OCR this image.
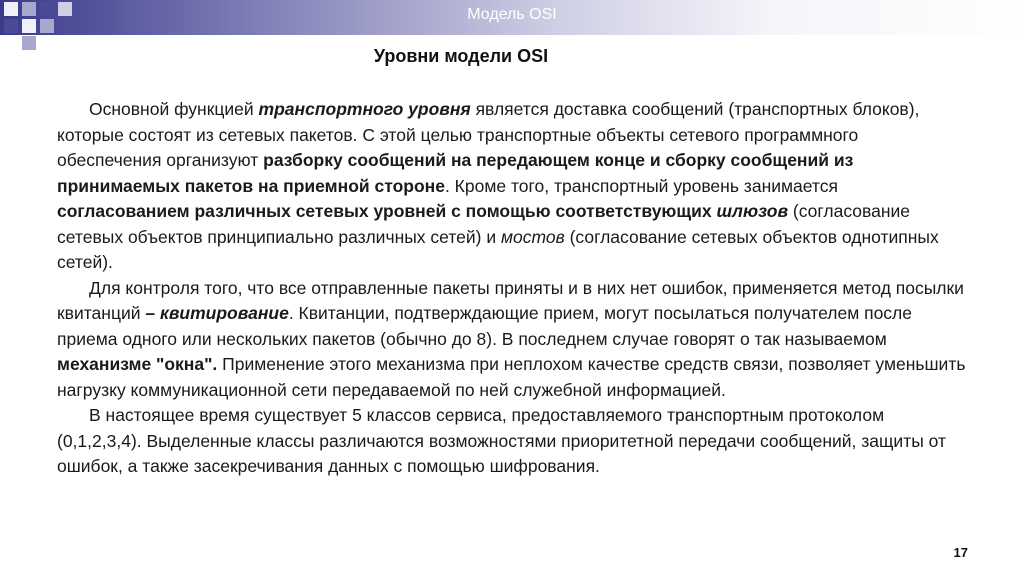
Модель OSI
Уровни модели OSI

Основной функцией транспортного уровня является доставка сообщений (транспортных блоков), которые состоят из сетевых пакетов. С этой целью транспортные объекты сетевого программного обеспечения организуют разборку сообщений на передающем конце и сборку сообщений из принимаемых пакетов на приемной стороне. Кроме того, транспортный уровень занимается согласованием различных сетевых уровней с помощью соответствующих шлюзов (согласование сетевых объектов принципиально различных сетей) и мостов (согласование сетевых объектов однотипных сетей).

Для контроля того, что все отправленные пакеты приняты и в них нет ошибок, применяется метод посылки квитанций – квитирование. Квитанции, подтверждающие прием, могут посылаться получателем после приема одного или нескольких пакетов (обычно до 8). В последнем случае говорят о так называемом механизме "окна". Применение этого механизма при неплохом качестве средств связи, позволяет уменьшить нагрузку коммуникационной сети передаваемой по ней служебной информацией.

В настоящее время существует 5 классов сервиса, предоставляемого транспортным протоколом (0,1,2,3,4). Выделенные классы различаются возможностями приоритетной передачи сообщений, защиты от ошибок, а также засекречивания данных с помощью шифрования.

17
